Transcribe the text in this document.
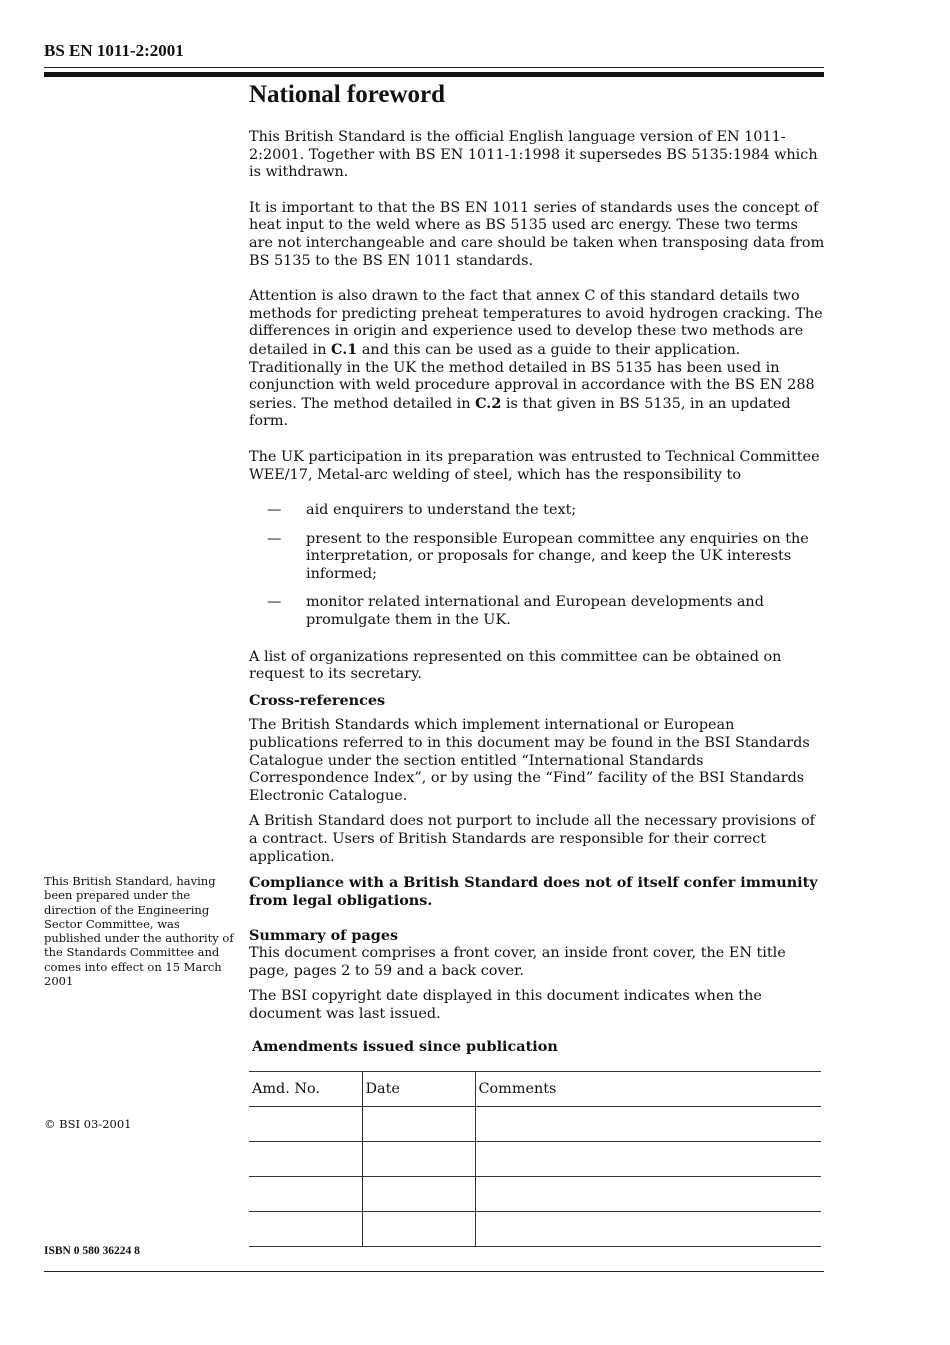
BS EN 1011-2:2001
National foreword

This British Standard is the official English language version of EN 1011-2:2001. Together with BS EN 1011-1:1998 it supersedes BS 5135:1984 which is withdrawn.

It is important to that the BS EN 1011 series of standards uses the concept of heat input to the weld where as BS 5135 used arc energy. These two terms are not interchangeable and care should be taken when transposing data from BS 5135 to the BS EN 1011 standards.

Attention is also drawn to the fact that annex C of this standard details two methods for predicting preheat temperatures to avoid hydrogen cracking. The differences in origin and experience used to develop these two methods are detailed in C.1 and this can be used as a guide to their application. Traditionally in the UK the method detailed in BS 5135 has been used in conjunction with weld procedure approval in accordance with the BS EN 288 series. The method detailed in C.2 is that given in BS 5135, in an updated form.

The UK participation in its preparation was entrusted to Technical Committee WEE/17, Metal-arc welding of steel, which has the responsibility to

— aid enquirers to understand the text;
— present to the responsible European committee any enquiries on the interpretation, or proposals for change, and keep the UK interests informed;
— monitor related international and European developments and promulgate them in the UK.

A list of organizations represented on this committee can be obtained on request to its secretary.

Cross-references

The British Standards which implement international or European publications referred to in this document may be found in the BSI Standards Catalogue under the section entitled “International Standards Correspondence Index”, or by using the “Find” facility of the BSI Standards Electronic Catalogue.

A British Standard does not purport to include all the necessary provisions of a contract. Users of British Standards are responsible for their correct application.

Compliance with a British Standard does not of itself confer immunity from legal obligations.

Summary of pages

This document comprises a front cover, an inside front cover, the EN title page, pages 2 to 59 and a back cover.

The BSI copyright date displayed in this document indicates when the document was last issued.

This British Standard, having been prepared under the direction of the Engineering Sector Committee, was published under the authority of the Standards Committee and comes into effect on 15 March 2001
© BSI 03-2001
ISBN 0 580 36224 8
Amendments issued since publication
Amd. No.	Date	Comments
